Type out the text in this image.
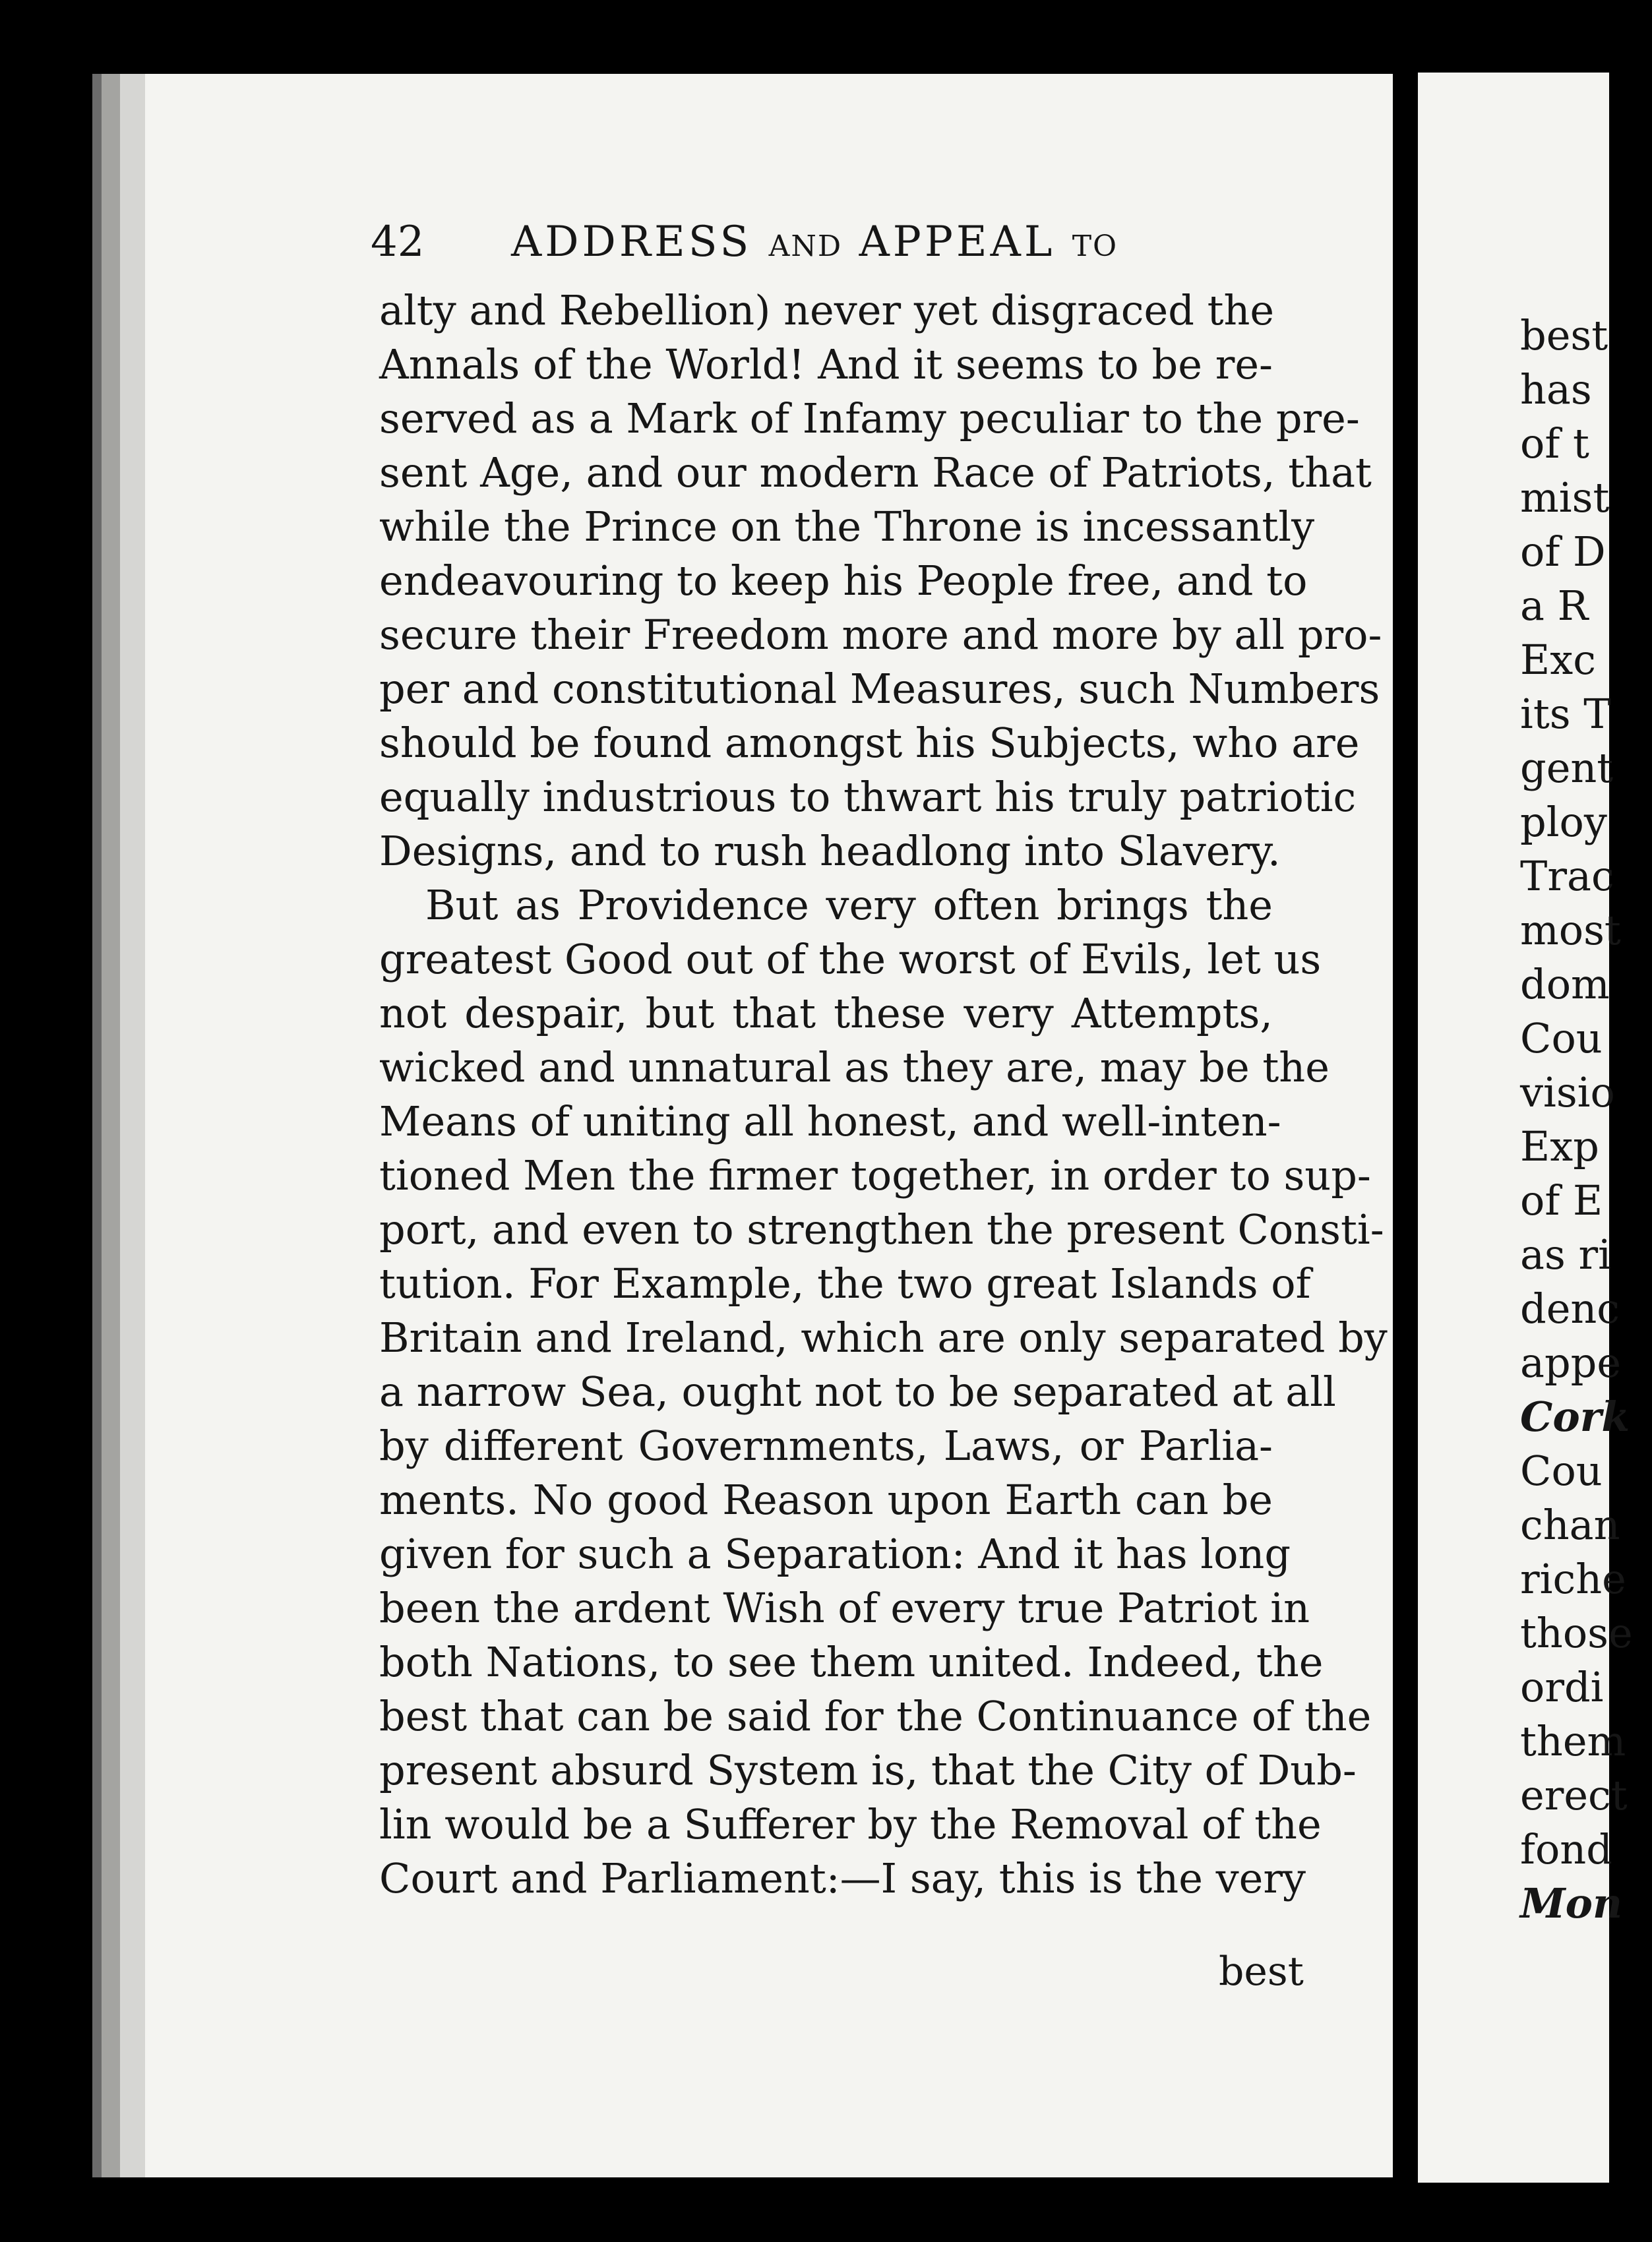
42 ADDRESS AND APPEAL TO
alty and Rebellion) never yet disgraced the
Annals of the World! And it seems to be re-
served as a Mark of Infamy peculiar to the pre-
sent Age, and our modern Race of Patriots, that
while the Prince on the Throne is incessantly
endeavouring to keep his People free, and to
secure their Freedom more and more by all pro-
per and constitutional Measures, such Numbers
should be found amongst his Subjects, who are
equally industrious to thwart his truly patriotic
Designs, and to rush headlong into Slavery.
But as Providence very often brings the
greatest Good out of the worst of Evils, let us
not despair, but that these very Attempts,
wicked and unnatural as they are, may be the
Means of uniting all honest, and well-inten-
tioned Men the firmer together, in order to sup-
port, and even to strengthen the present Consti-
tution. For Example, the two great Islands of
Britain and Ireland, which are only separated by
a narrow Sea, ought not to be separated at all
by different Governments, Laws, or Parlia-
ments. No good Reason upon Earth can be
given for such a Separation: And it has long
been the ardent Wish of every true Patriot in
both Nations, to see them united. Indeed, the
best that can be said for the Continuance of the
present absurd System is, that the City of Dub-
lin would be a Sufferer by the Removal of the
Court and Parliament:—I say, this is the very
best
best
has
of t
mist
of D
a R
Exc
its T
gent
ploy
Trac
most
dom
Cou
visio
Exp
of E
as ri
denc
appe
Cork
Cou
chan
riche
those
ordi
them
erect
fond
Mon
